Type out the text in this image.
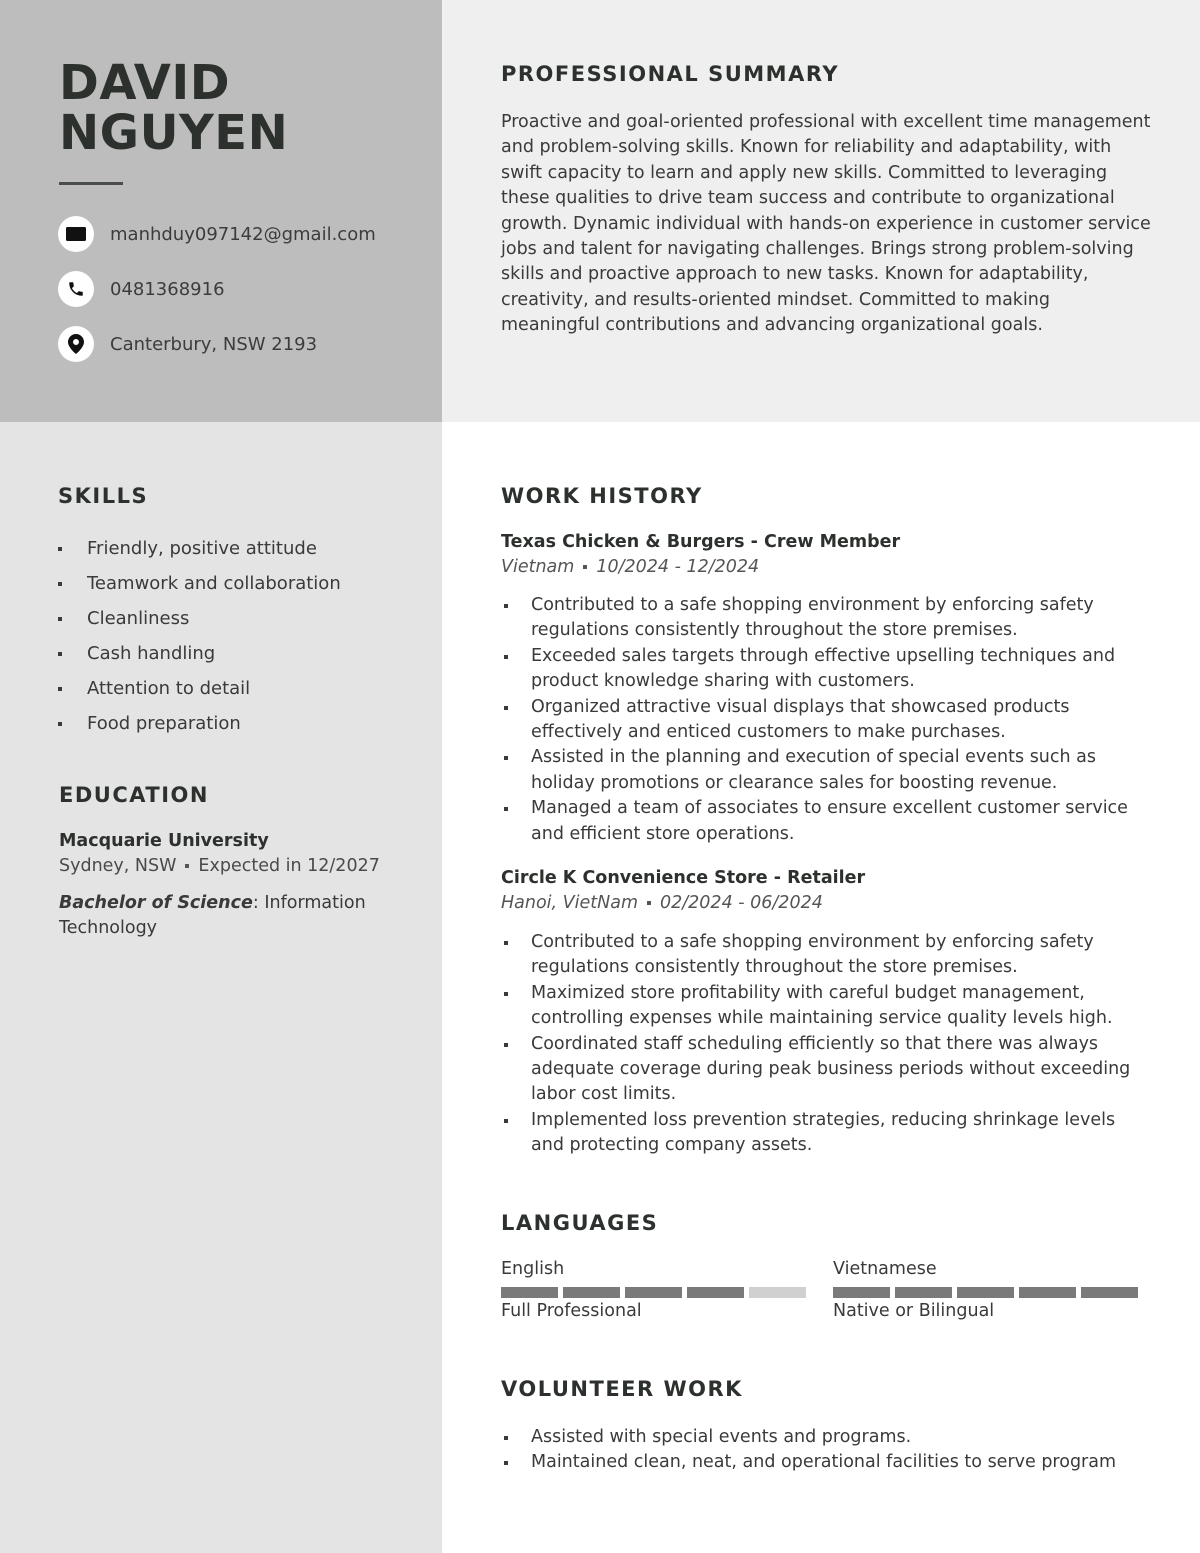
DAVID
NGUYEN
manhduy097142@gmail.com
0481368916
Canterbury, NSW 2193
PROFESSIONAL SUMMARY
Proactive and goal-oriented professional with excellent time management and problem-solving skills. Known for reliability and adaptability, with swift capacity to learn and apply new skills. Committed to leveraging these qualities to drive team success and contribute to organizational growth. Dynamic individual with hands-on experience in customer service jobs and talent for navigating challenges. Brings strong problem-solving skills and proactive approach to new tasks. Known for adaptability, creativity, and results-oriented mindset. Committed to making meaningful contributions and advancing organizational goals.
SKILLS
Friendly, positive attitude
Teamwork and collaboration
Cleanliness
Cash handling
Attention to detail
Food preparation
EDUCATION
Macquarie University
Sydney, NSW Expected in 12/2027
Bachelor of Science: Information Technology
WORK HISTORY
Texas Chicken & Burgers - Crew Member
Vietnam 10/2024 - 12/2024
Contributed to a safe shopping environment by enforcing safety regulations consistently throughout the store premises.
Exceeded sales targets through effective upselling techniques and product knowledge sharing with customers.
Organized attractive visual displays that showcased products effectively and enticed customers to make purchases.
Assisted in the planning and execution of special events such as holiday promotions or clearance sales for boosting revenue.
Managed a team of associates to ensure excellent customer service and efficient store operations.
Circle K Convenience Store - Retailer
Hanoi, VietNam 02/2024 - 06/2024
Contributed to a safe shopping environment by enforcing safety regulations consistently throughout the store premises.
Maximized store profitability with careful budget management, controlling expenses while maintaining service quality levels high.
Coordinated staff scheduling efficiently so that there was always adequate coverage during peak business periods without exceeding labor cost limits.
Implemented loss prevention strategies, reducing shrinkage levels and protecting company assets.
LANGUAGES
English
Full Professional
Vietnamese
Native or Bilingual
VOLUNTEER WORK
Assisted with special events and programs.
Maintained clean, neat, and operational facilities to serve program
